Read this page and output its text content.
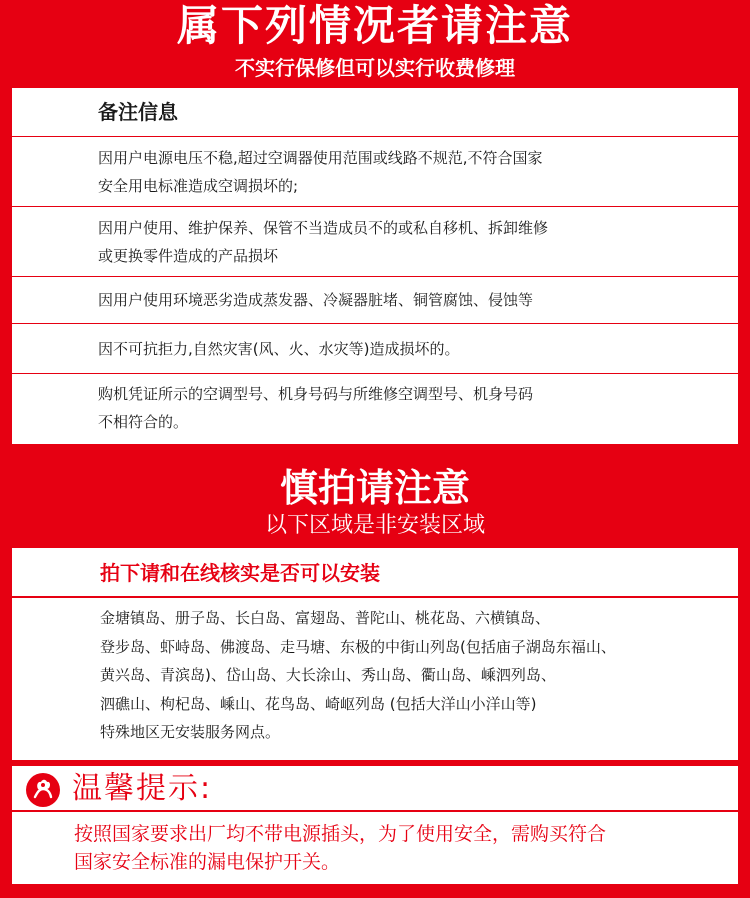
属下列情况者请注意
不实行保修但可以实行收费修理
备注信息
因用户电源电压不稳,超过空调器使用范围或线路不规范,不符合国家
安全用电标准造成空调损坏的;
因用户使用、维护保养、保管不当造成员不的或私自移机、拆卸维修
或更换零件造成的产品损坏
因用户使用环境恶劣造成蒸发器、冷凝器脏堵、铜管腐蚀、侵蚀等
因不可抗拒力,自然灾害(风、火、水灾等)造成损坏的。
购机凭证所示的空调型号、机身号码与所维修空调型号、机身号码
不相符合的。
慎拍请注意
以下区域是非安装区域
拍下请和在线核实是否可以安装
金塘镇岛、册子岛、长白岛、富翅岛、普陀山、桃花岛、六横镇岛、
登步岛、虾峙岛、佛渡岛、走马塘、东极的中街山列岛(包括庙子湖岛东福山、
黄兴岛、青滨岛)、岱山岛、大长涂山、秀山岛、衢山岛、嵊泗列岛、
泗礁山、枸杞岛、嵊山、花鸟岛、崎岖列岛 (包括大洋山小洋山等)
特殊地区无安装服务网点。
温馨提示:
按照国家要求出厂均不带电源插头，为了使用安全，需购买符合
国家安全标准的漏电保护开关。
